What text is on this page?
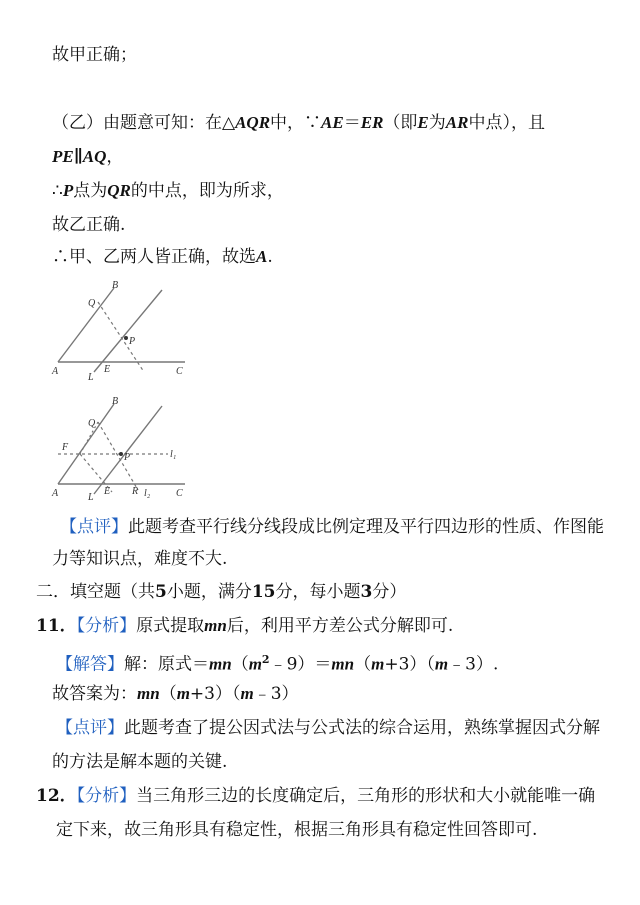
故甲正确；
（乙）由题意可知：在△AQR中，∵AE＝ER（即E为AR中点），且
PE∥AQ，
∴P点为QR的中点，即为所求，
故乙正确.
∴甲、乙两人皆正确，故选A.
B
Q
P
A
L
E	C
B
Q
F
P	l₁
A	L
E R l₂	C
【点评】此题考查平行线分线段成比例定理及平行四边形的性质、作图能
力等知识点，难度不大.
二．填空题（共5小题，满分15分，每小题3分）
11．【分析】原式提取mn后，利用平方差公式分解即可.
【解答】解：原式$=mn(m^2﹣9)=mn(m+3)(m﹣3)$.
故答案为：mn（m+3）（m﹣3）
【点评】此题考查了提公因式法与公式法的综合运用，熟练掌握因式分解
的方法是解本题的关键.
12．【分析】当三角形三边的长度确定后，三角形的形状和大小就能唯一确
定下来，故三角形具有稳定性，根据三角形具有稳定性回答即可.
